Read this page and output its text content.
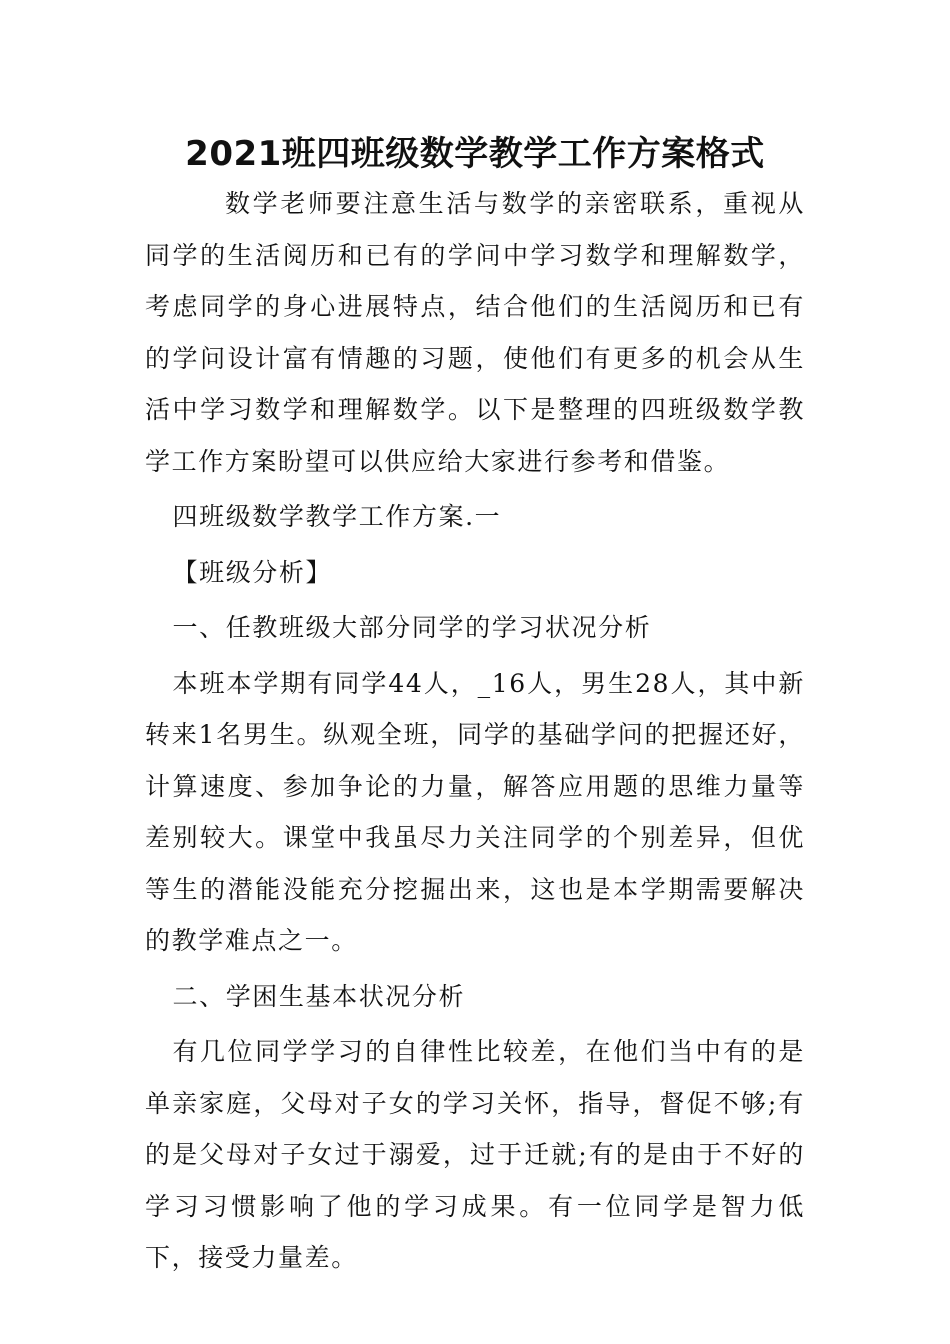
2021班四班级数学教学工作方案格式

数学老师要注意生活与数学的亲密联系，重视从同学的生活阅历和已有的学问中学习数学和理解数学，考虑同学的身心进展特点，结合他们的生活阅历和已有的学问设计富有情趣的习题，使他们有更多的机会从生活中学习数学和理解数学。以下是整理的四班级数学教学工作方案盼望可以供应给大家进行参考和借鉴。

四班级数学教学工作方案.一

【班级分析】

一、任教班级大部分同学的学习状况分析

本班本学期有同学44人，_16人，男生28人，其中新转来1名男生。纵观全班，同学的基础学问的把握还好，计算速度、参加争论的力量，解答应用题的思维力量等差别较大。课堂中我虽尽力关注同学的个别差异，但优等生的潜能没能充分挖掘出来，这也是本学期需要解决的教学难点之一。

二、学困生基本状况分析

有几位同学学习的自律性比较差，在他们当中有的是单亲家庭，父母对子女的学习关怀，指导，督促不够;有的是父母对子女过于溺爱，过于迁就;有的是由于不好的学习习惯影响了他的学习成果。有一位同学是智力低下，接受力量差。
